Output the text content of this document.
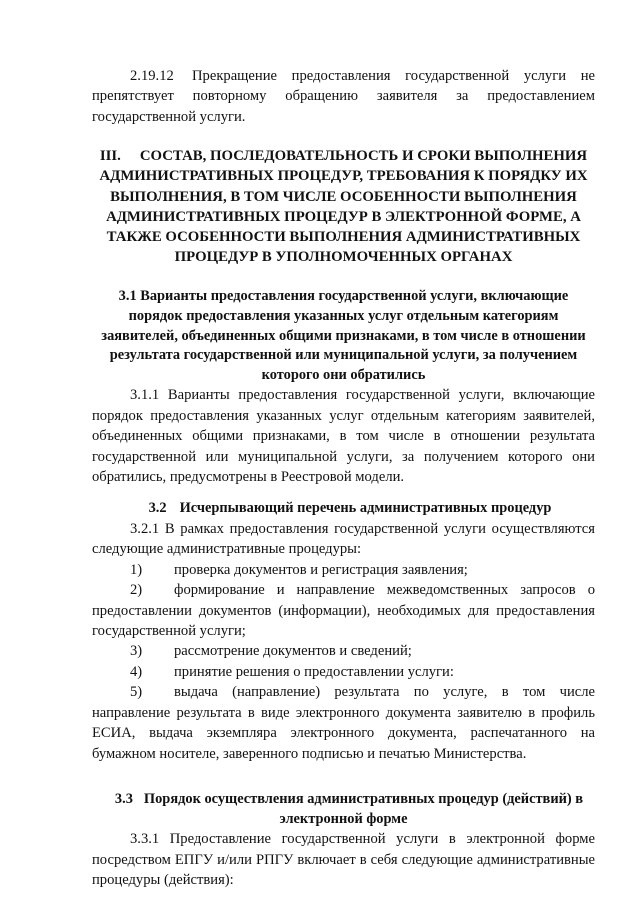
2.19.12 Прекращение предоставления государственной услуги не препятствует повторному обращению заявителя за предоставлением государственной услуги.

III. СОСТАВ, ПОСЛЕДОВАТЕЛЬНОСТЬ И СРОКИ ВЫПОЛНЕНИЯ АДМИНИСТРАТИВНЫХ ПРОЦЕДУР, ТРЕБОВАНИЯ К ПОРЯДКУ ИХ ВЫПОЛНЕНИЯ, В ТОМ ЧИСЛЕ ОСОБЕННОСТИ ВЫПОЛНЕНИЯ АДМИНИСТРАТИВНЫХ ПРОЦЕДУР В ЭЛЕКТРОННОЙ ФОРМЕ, А ТАКЖЕ ОСОБЕННОСТИ ВЫПОЛНЕНИЯ АДМИНИСТРАТИВНЫХ ПРОЦЕДУР В УПОЛНОМОЧЕННЫХ ОРГАНАХ

3.1 Варианты предоставления государственной услуги, включающие порядок предоставления указанных услуг отдельным категориям заявителей, объединенных общими признаками, в том числе в отношении результата государственной или муниципальной услуги, за получением которого они обратились

3.1.1 Варианты предоставления государственной услуги, включающие порядок предоставления указанных услуг отдельным категориям заявителей, объединенных общими признаками, в том числе в отношении результата государственной или муниципальной услуги, за получением которого они обратились, предусмотрены в Реестровой модели.

3.2 Исчерпывающий перечень административных процедур

3.2.1 В рамках предоставления государственной услуги осуществляются следующие административные процедуры:

1) проверка документов и регистрация заявления;

2) формирование и направление межведомственных запросов о предоставлении документов (информации), необходимых для предоставления государственной услуги;

3) рассмотрение документов и сведений;

4) принятие решения о предоставлении услуги:

5) выдача (направление) результата по услуге, в том числе направление результата в виде электронного документа заявителю в профиль ЕСИА, выдача экземпляра электронного документа, распечатанного на бумажном носителе, заверенного подписью и печатью Министерства.

3.3 Порядок осуществления административных процедур (действий) в электронной форме

3.3.1 Предоставление государственной услуги в электронной форме посредством ЕПГУ и/или РПГУ включает в себя следующие административные процедуры (действия):
